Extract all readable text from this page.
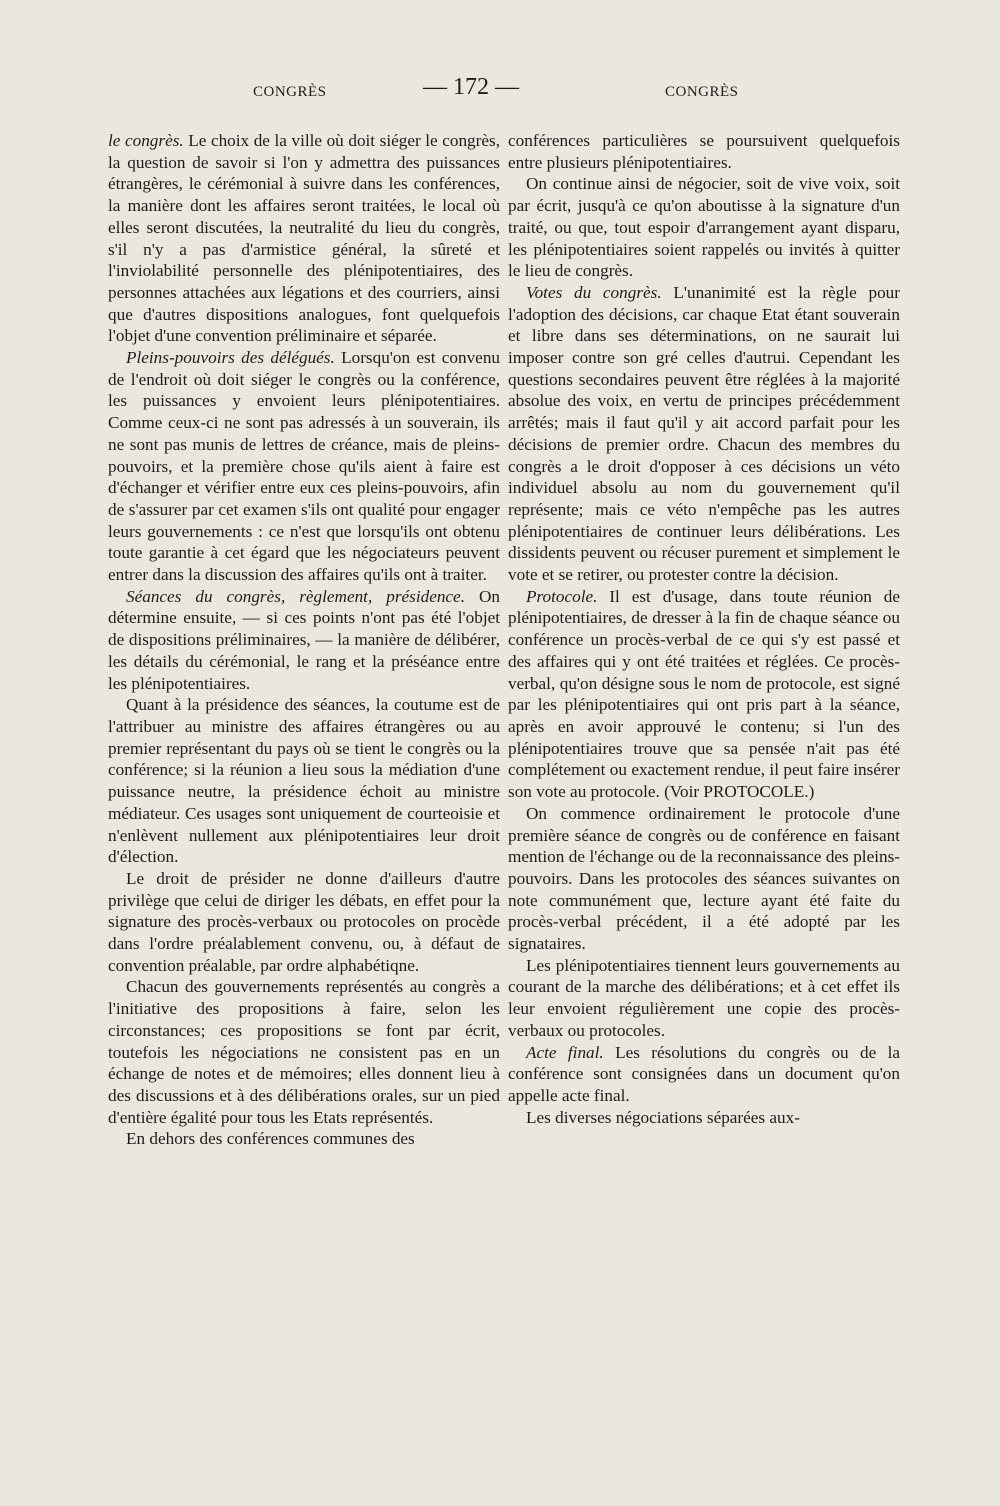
CONGRÈS	— 172 —	CONGRÈS

le congrès. Le choix de la ville où doit siéger le congrès, la question de savoir si l'on y admettra des puissances étrangères, le cérémonial à suivre dans les conférences, la manière dont les affaires seront traitées, le local où elles seront discutées, la neutralité du lieu du congrès, s'il n'y a pas d'armistice général, la sûreté et l'inviolabilité personnelle des plénipotentiaires, des personnes attachées aux légations et des courriers, ainsi que d'autres dispositions analogues, font quelquefois l'objet d'une convention préliminaire et séparée.

Pleins-pouvoirs des délégués. Lorsqu'on est convenu de l'endroit où doit siéger le congrès ou la conférence, les puissances y envoient leurs plénipotentiaires. Comme ceux-ci ne sont pas adressés à un souverain, ils ne sont pas munis de lettres de créance, mais de pleins-pouvoirs, et la première chose qu'ils aient à faire est d'échanger et vérifier entre eux ces pleins-pouvoirs, afin de s'assurer par cet examen s'ils ont qualité pour engager leurs gouvernements : ce n'est que lorsqu'ils ont obtenu toute garantie à cet égard que les négociateurs peuvent entrer dans la discussion des affaires qu'ils ont à traiter.

Séances du congrès, règlement, présidence. On détermine ensuite, — si ces points n'ont pas été l'objet de dispositions préliminaires, — la manière de délibérer, les détails du cérémonial, le rang et la préséance entre les plénipotentiaires.

Quant à la présidence des séances, la coutume est de l'attribuer au ministre des affaires étrangères ou au premier représentant du pays où se tient le congrès ou la conférence; si la réunion a lieu sous la médiation d'une puissance neutre, la présidence échoit au ministre médiateur. Ces usages sont uniquement de courteoisie et n'enlèvent nullement aux plénipotentiaires leur droit d'élection.

Le droit de présider ne donne d'ailleurs d'autre privilège que celui de diriger les débats, en effet pour la signature des procès-verbaux ou protocoles on procède dans l'ordre préalablement convenu, ou, à défaut de convention préalable, par ordre alphabétiqne.

Chacun des gouvernements représentés au congrès a l'initiative des propositions à faire, selon les circonstances; ces propositions se font par écrit, toutefois les négociations ne consistent pas en un échange de notes et de mémoires; elles donnent lieu à des discussions et à des délibérations orales, sur un pied d'entière égalité pour tous les Etats représentés.

En dehors des conférences communes des

conférences particulières se poursuivent quelquefois entre plusieurs plénipotentiaires.

On continue ainsi de négocier, soit de vive voix, soit par écrit, jusqu'à ce qu'on aboutisse à la signature d'un traité, ou que, tout espoir d'arrangement ayant disparu, les plénipotentiaires soient rappelés ou invités à quitter le lieu de congrès.

Votes du congrès. L'unanimité est la règle pour l'adoption des décisions, car chaque Etat étant souverain et libre dans ses déterminations, on ne saurait lui imposer contre son gré celles d'autrui. Cependant les questions secondaires peuvent être réglées à la majorité absolue des voix, en vertu de principes précédemment arrêtés; mais il faut qu'il y ait accord parfait pour les décisions de premier ordre. Chacun des membres du congrès a le droit d'opposer à ces décisions un véto individuel absolu au nom du gouvernement qu'il représente; mais ce véto n'empêche pas les autres plénipotentiaires de continuer leurs délibérations. Les dissidents peuvent ou récuser purement et simplement le vote et se retirer, ou protester contre la décision.

Protocole. Il est d'usage, dans toute réunion de plénipotentiaires, de dresser à la fin de chaque séance ou conférence un procès-verbal de ce qui s'y est passé et des affaires qui y ont été traitées et réglées. Ce procès-verbal, qu'on désigne sous le nom de protocole, est signé par les plénipotentiaires qui ont pris part à la séance, après en avoir approuvé le contenu; si l'un des plénipotentiaires trouve que sa pensée n'ait pas été complétement ou exactement rendue, il peut faire insérer son vote au protocole. (Voir PROTOCOLE.)

On commence ordinairement le protocole d'une première séance de congrès ou de conférence en faisant mention de l'échange ou de la reconnaissance des pleins-pouvoirs. Dans les protocoles des séances suivantes on note communément que, lecture ayant été faite du procès-verbal précédent, il a été adopté par les signataires.

Les plénipotentiaires tiennent leurs gouvernements au courant de la marche des délibérations; et à cet effet ils leur envoient régulièrement une copie des procès-verbaux ou protocoles.

Acte final. Les résolutions du congrès ou de la conférence sont consignées dans un document qu'on appelle acte final.

Les diverses négociations séparées aux-
